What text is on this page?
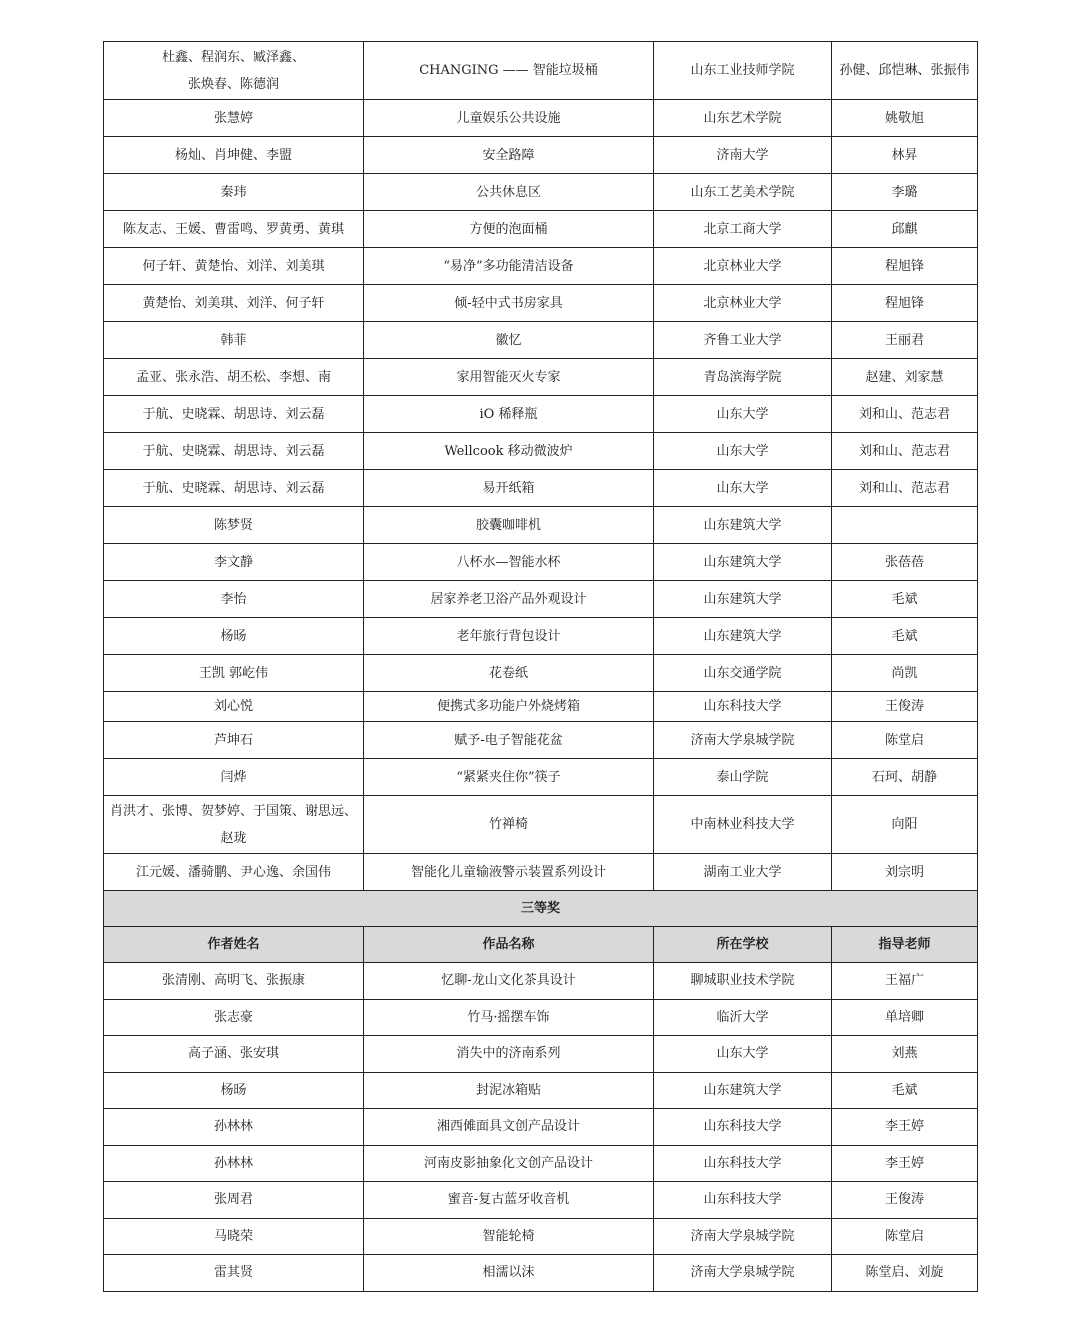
杜鑫、程润东、臧泽鑫、
张焕春、陈德润	CHANGING —— 智能垃圾桶	山东工业技师学院	孙健、邱恺琳、张振伟
张慧婷	儿童娱乐公共设施	山东艺术学院	姚敬旭
杨灿、肖坤健、李盟	安全路障	济南大学	林昇
秦玮	公共休息区	山东工艺美术学院	李璐
陈友志、王媛、曹雷鸣、罗黄勇、黄琪	方便的泡面桶	北京工商大学	邱麒
何子轩、黄楚怡、刘洋、刘美琪	“易净”多功能清洁设备	北京林业大学	程旭锋
黄楚怡、刘美琪、刘洋、何子轩	倾-轻中式书房家具	北京林业大学	程旭锋
韩菲	徽忆	齐鲁工业大学	王丽君
孟亚、张永浩、胡丕松、李想、南	家用智能灭火专家	青岛滨海学院	赵建、刘家慧
于航、史晓霖、胡思诗、刘云磊	iO 稀释瓶	山东大学	刘和山、范志君
于航、史晓霖、胡思诗、刘云磊	Wellcook 移动微波炉	山东大学	刘和山、范志君
于航、史晓霖、胡思诗、刘云磊	易开纸箱	山东大学	刘和山、范志君
陈梦贤	胶囊咖啡机	山东建筑大学	
李文静	八杯水—智能水杯	山东建筑大学	张蓓蓓
李怡	居家养老卫浴产品外观设计	山东建筑大学	毛斌
杨旸	老年旅行背包设计	山东建筑大学	毛斌
王凯 郭屹伟	花卷纸	山东交通学院	尚凯
刘心悦	便携式多功能户外烧烤箱	山东科技大学	王俊涛
芦坤石	赋予-电子智能花盆	济南大学泉城学院	陈堂启
闫烨	“紧紧夹住你”筷子	泰山学院	石珂、胡静
肖洪才、张博、贺梦婷、于国策、谢思远、
赵珑	竹禅椅	中南林业科技大学	向阳
江元媛、潘骑鹏、尹心逸、余国伟	智能化儿童输液警示装置系列设计	湖南工业大学	刘宗明
三等奖			
作者姓名	作品名称	所在学校	指导老师
张清刚、高明飞、张振康	忆聊-龙山文化茶具设计	聊城职业技术学院	王福广
张志豪	竹马·摇摆车饰	临沂大学	单培卿
高子涵、张安琪	消失中的济南系列	山东大学	刘燕
杨旸	封泥冰箱贴	山东建筑大学	毛斌
孙林林	湘西傩面具文创产品设计	山东科技大学	李王婷
孙林林	河南皮影抽象化文创产品设计	山东科技大学	李王婷
张周君	蜜音-复古蓝牙收音机	山东科技大学	王俊涛
马晓荣	智能轮椅	济南大学泉城学院	陈堂启
雷其贤	相濡以沫	济南大学泉城学院	陈堂启、刘旋
